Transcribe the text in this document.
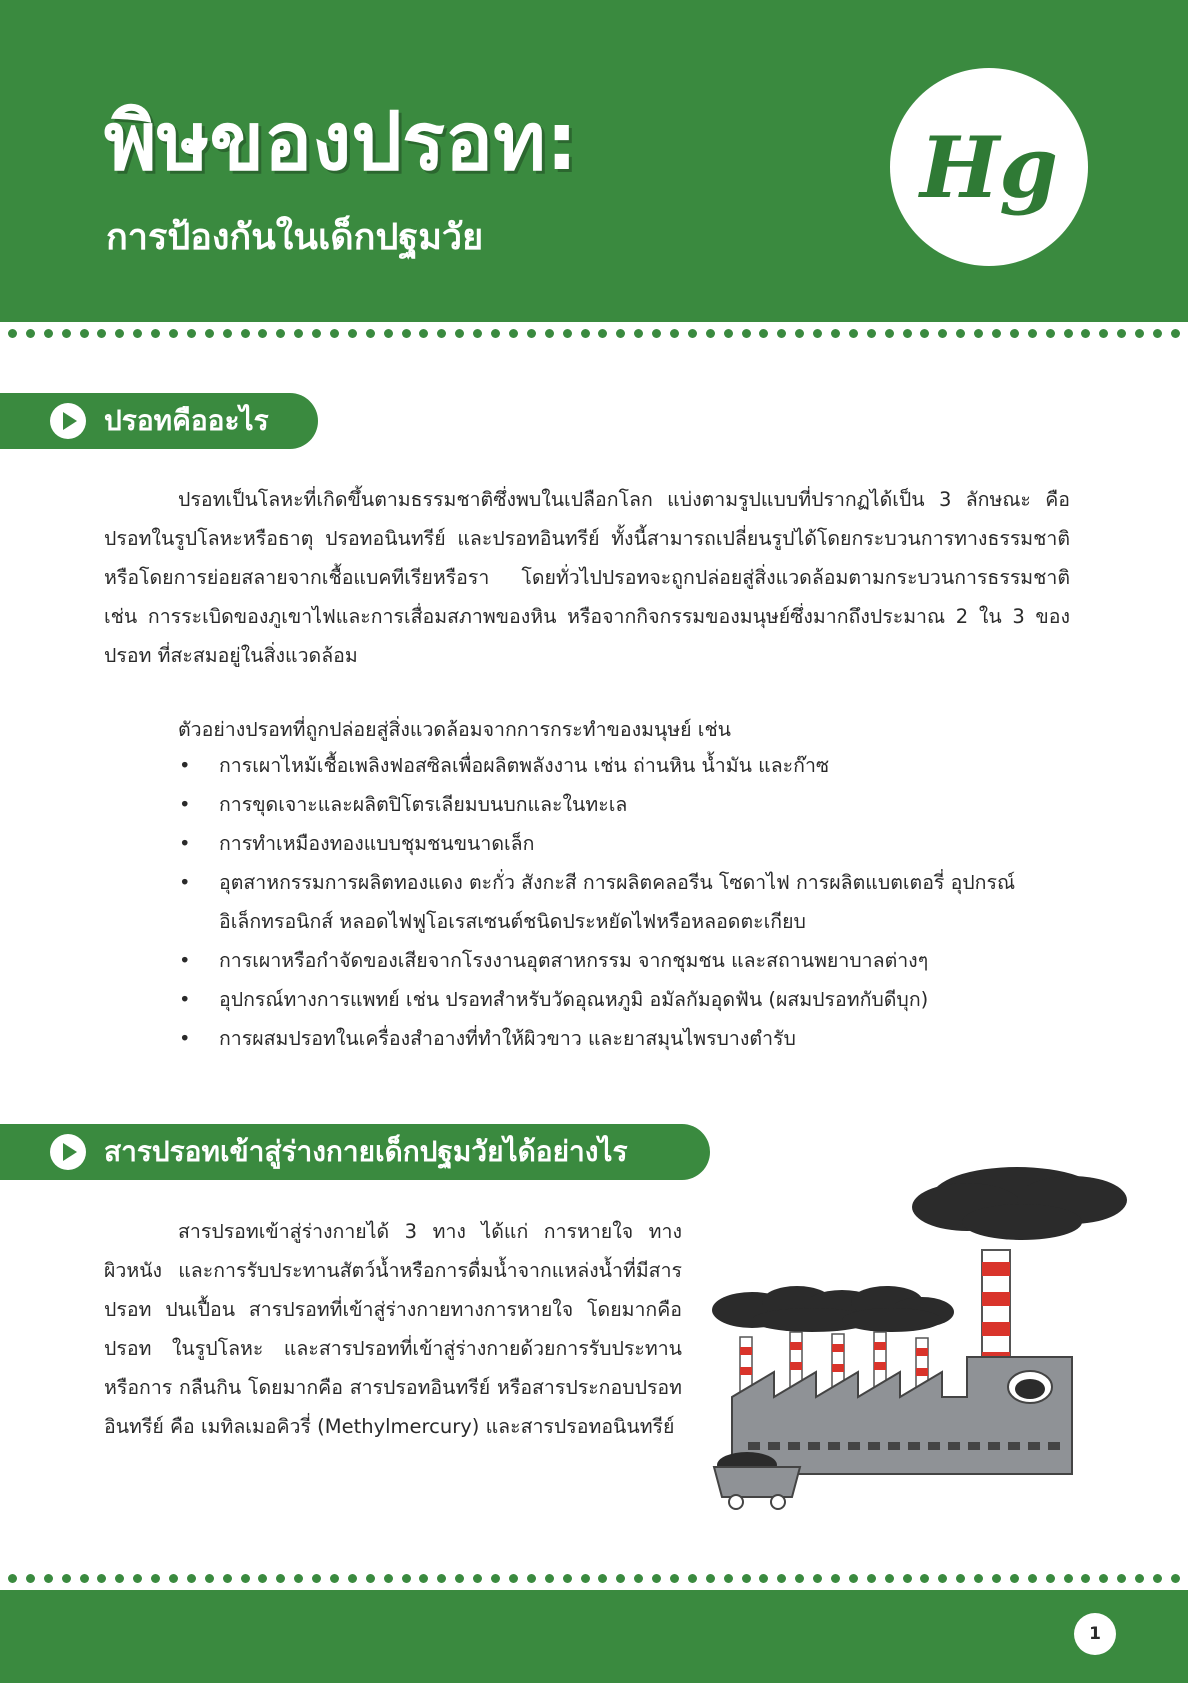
พิษของปรอท:

การป้องกันในเด็กปฐมวัย

Hg
ปรอทคืออะไร

ปรอทเป็นโลหะที่เกิดขึ้นตามธรรมชาติซึ่งพบในเปลือกโลก แบ่งตามรูปแบบที่ปรากฏได้เป็น 3 ลักษณะ คือ ปรอทในรูปโลหะหรือธาตุ ปรอทอนินทรีย์ และปรอทอินทรีย์ ทั้งนี้สามารถเปลี่ยนรูปได้โดยกระบวนการทางธรรมชาติ หรือโดยการย่อยสลายจากเชื้อแบคทีเรียหรือรา โดยทั่วไปปรอทจะถูกปล่อยสู่สิ่งแวดล้อมตามกระบวนการธรรมชาติ เช่น การระเบิดของภูเขาไฟและการเสื่อมสภาพของหิน หรือจากกิจกรรมของมนุษย์ซึ่งมากถึงประมาณ 2 ใน 3 ของปรอท ที่สะสมอยู่ในสิ่งแวดล้อม

ตัวอย่างปรอทที่ถูกปล่อยสู่สิ่งแวดล้อมจากการกระทำของมนุษย์ เช่น

• การเผาไหม้เชื้อเพลิงฟอสซิลเพื่อผลิตพลังงาน เช่น ถ่านหิน น้ำมัน และก๊าซ
• การขุดเจาะและผลิตปิโตรเลียมบนบกและในทะเล
• การทำเหมืองทองแบบชุมชนขนาดเล็ก
• อุตสาหกรรมการผลิตทองแดง ตะกั่ว สังกะสี การผลิตคลอรีน โซดาไฟ การผลิตแบตเตอรี่ อุปกรณ์อิเล็กทรอนิกส์ หลอดไฟฟูโอเรสเซนต์ชนิดประหยัดไฟหรือหลอดตะเกียบ
• การเผาหรือกำจัดของเสียจากโรงงานอุตสาหกรรม จากชุมชน และสถานพยาบาลต่างๆ
• อุปกรณ์ทางการแพทย์ เช่น ปรอทสำหรับวัดอุณหภูมิ อมัลกัมอุดฟัน (ผสมปรอทกับดีบุก)
• การผสมปรอทในเครื่องสำอางที่ทำให้ผิวขาว และยาสมุนไพรบางตำรับ
สารปรอทเข้าสู่ร่างกายเด็กปฐมวัยได้อย่างไร

สารปรอทเข้าสู่ร่างกายได้ 3 ทาง ได้แก่ การหายใจ ทางผิวหนัง และการรับประทานสัตว์น้ำหรือการดื่มน้ำจากแหล่งน้ำที่มีสารปรอท ปนเปื้อน สารปรอทที่เข้าสู่ร่างกายทางการหายใจ โดยมากคือ ปรอท ในรูปโลหะ และสารปรอทที่เข้าสู่ร่างกายด้วยการรับประทานหรือการ กลืนกิน โดยมากคือ สารปรอทอินทรีย์ หรือสารประกอบปรอทอินทรีย์ คือ เมทิลเมอคิวรี่ (Methylmercury) และสารปรอทอนินทรีย์

1
